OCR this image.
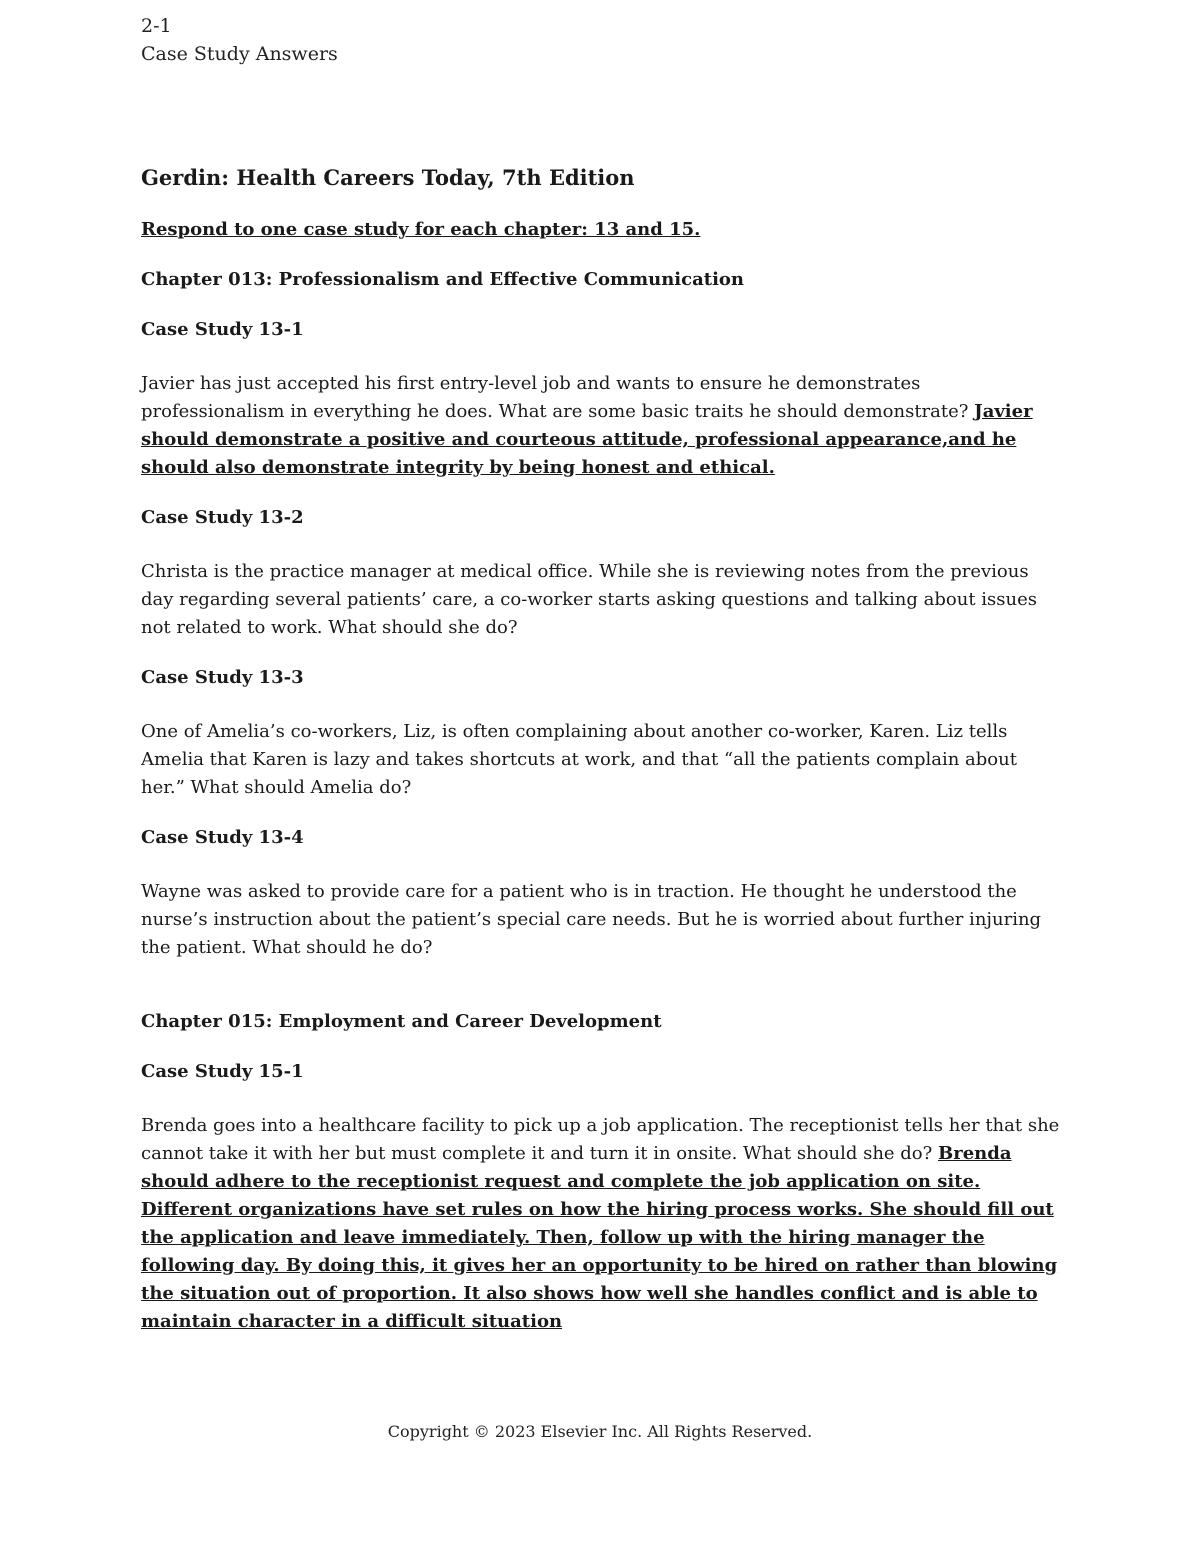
2-1
Case Study Answers
Gerdin: Health Careers Today, 7th Edition
Respond to one case study for each chapter: 13 and 15.
Chapter 013: Professionalism and Effective Communication
Case Study 13-1
Javier has just accepted his first entry-level job and wants to ensure he demonstrates professionalism in everything he does. What are some basic traits he should demonstrate? Javier should demonstrate a positive and courteous attitude, professional appearance,and he should also demonstrate integrity by being honest and ethical.
Case Study 13-2
Christa is the practice manager at medical office. While she is reviewing notes from the previous day regarding several patients’ care, a co-worker starts asking questions and talking about issues not related to work. What should she do?
Case Study 13-3
One of Amelia’s co-workers, Liz, is often complaining about another co-worker, Karen. Liz tells Amelia that Karen is lazy and takes shortcuts at work, and that “all the patients complain about her.” What should Amelia do?
Case Study 13-4
Wayne was asked to provide care for a patient who is in traction. He thought he understood the nurse’s instruction about the patient’s special care needs. But he is worried about further injuring the patient. What should he do?
Chapter 015: Employment and Career Development
Case Study 15-1
Brenda goes into a healthcare facility to pick up a job application. The receptionist tells her that she cannot take it with her but must complete it and turn it in onsite. What should she do? Brenda should adhere to the receptionist request and complete the job application on site. Different organizations have set rules on how the hiring process works. She should fill out the application and leave immediately. Then, follow up with the hiring manager the following day. By doing this, it gives her an opportunity to be hired on rather than blowing the situation out of proportion. It also shows how well she handles conflict and is able to maintain character in a difficult situation
Copyright © 2023 Elsevier Inc. All Rights Reserved.
